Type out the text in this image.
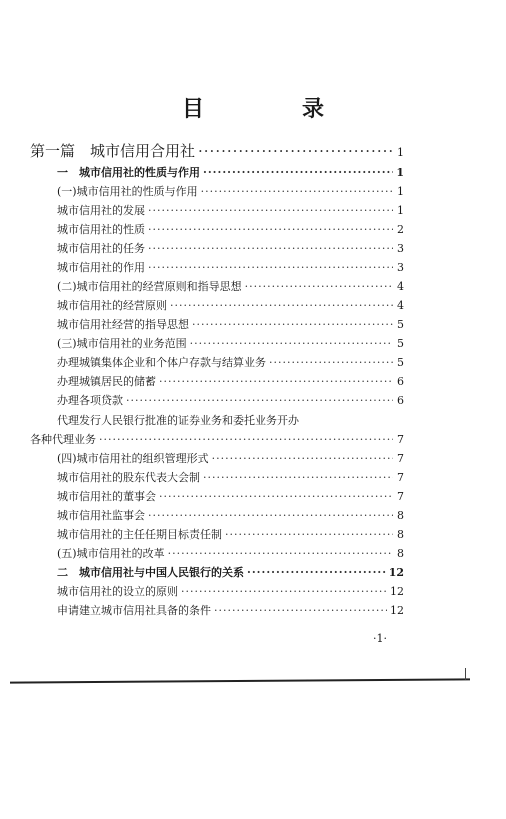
目　录
第一篇　城市信用合用社 ·····	1
一　城市信用社的性质与作用 ·····	1
(一)城市信用社的性质与作用 ·····	1
城市信用社的发展 ·····	1
城市信用社的性质 ·····	2
城市信用社的任务 ·····	3
城市信用社的作用 ·····	3
(二)城市信用社的经营原则和指导思想 ·····	4
城市信用社的经营原则 ·····	4
城市信用社经营的指导思想 ·····	5
(三)城市信用社的业务范围 ·····	5
办理城镇集体企业和个体户存款与结算业务 ·····	5
办理城镇居民的储蓄 ·····	6
办理各项贷款 ·····	6
代理发行人民银行批准的证券业务和委托业务开办
各种代理业务 ·····	7
(四)城市信用社的组织管理形式 ·····	7
城市信用社的股东代表大会制 ·····	7
城市信用社的董事会 ·····	7
城市信用社监事会 ·····	8
城市信用社的主任任期目标责任制 ·····	8
(五)城市信用社的改革 ·····	8
二　城市信用社与中国人民银行的关系 ·····	12
城市信用社的设立的原则 ·····	12
申请建立城市信用社具备的条件 ·····	12
·1·
